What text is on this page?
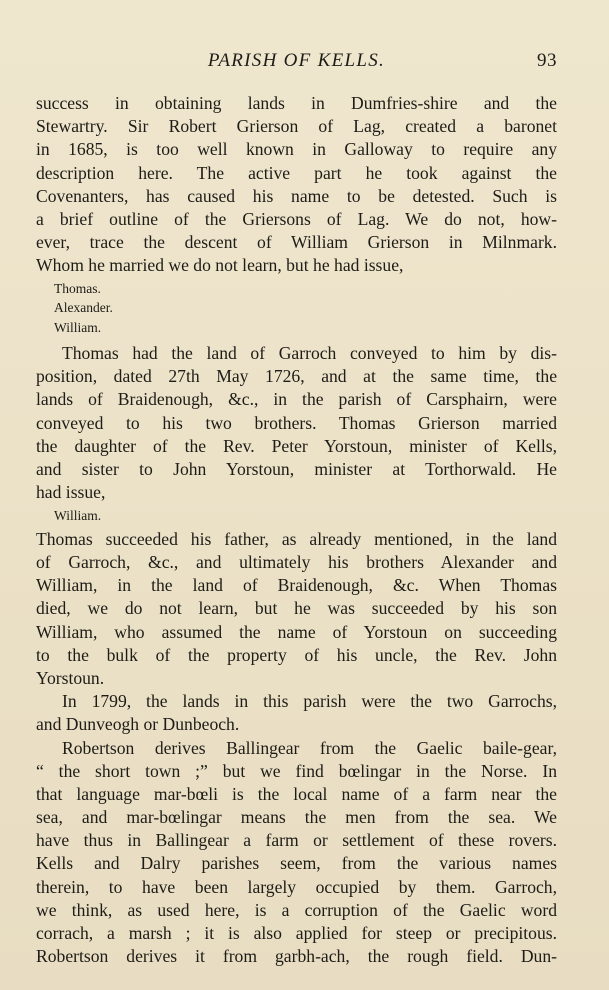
PARISH OF KELLS.	93
success in obtaining lands in Dumfries-shire and the
Stewartry. Sir Robert Grierson of Lag, created a baronet
in 1685, is too well known in Galloway to require any
description here. The active part he took against the
Covenanters, has caused his name to be detested. Such is
a brief outline of the Griersons of Lag. We do not, how-
ever, trace the descent of William Grierson in Milnmark.
Whom he married we do not learn, but he had issue,
Thomas.
Alexander.
William.
Thomas had the land of Garroch conveyed to him by dis-
position, dated 27th May 1726, and at the same time, the
lands of Braidenough, &c., in the parish of Carsphairn, were
conveyed to his two brothers. Thomas Grierson married
the daughter of the Rev. Peter Yorstoun, minister of Kells,
and sister to John Yorstoun, minister at Torthorwald. He
had issue,
William.
Thomas succeeded his father, as already mentioned, in the land
of Garroch, &c., and ultimately his brothers Alexander and
William, in the land of Braidenough, &c. When Thomas
died, we do not learn, but he was succeeded by his son
William, who assumed the name of Yorstoun on succeeding
to the bulk of the property of his uncle, the Rev. John
Yorstoun.
In 1799, the lands in this parish were the two Garrochs,
and Dunveogh or Dunbeoch.
Robertson derives Ballingear from the Gaelic baile-gear,
“ the short town ;” but we find bœlingar in the Norse. In
that language mar-bœli is the local name of a farm near the
sea, and mar-bœlingar means the men from the sea. We
have thus in Ballingear a farm or settlement of these rovers.
Kells and Dalry parishes seem, from the various names
therein, to have been largely occupied by them. Garroch,
we think, as used here, is a corruption of the Gaelic word
corrach, a marsh ; it is also applied for steep or precipitous.
Robertson derives it from garbh-ach, the rough field. Dun-
